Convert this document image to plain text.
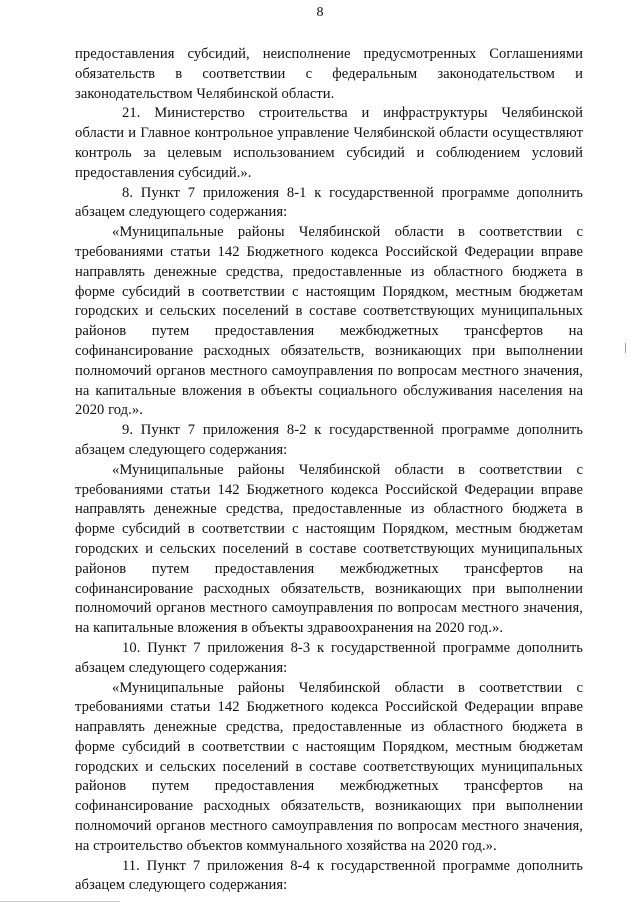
8

предоставления субсидий, неисполнение предусмотренных Соглашениями обязательств в соответствии с федеральным законодательством и законодательством Челябинской области.

21. Министерство строительства и инфраструктуры Челябинской области и Главное контрольное управление Челябинской области осуществляют контроль за целевым использованием субсидий и соблюдением условий предоставления субсидий.».

8. Пункт 7 приложения 8-1 к государственной программе дополнить абзацем следующего содержания:

«Муниципальные районы Челябинской области в соответствии с требованиями статьи 142 Бюджетного кодекса Российской Федерации вправе направлять денежные средства, предоставленные из областного бюджета в форме субсидий в соответствии с настоящим Порядком, местным бюджетам городских и сельских поселений в составе соответствующих муниципальных районов путем предоставления межбюджетных трансфертов на софинансирование расходных обязательств, возникающих при выполнении полномочий органов местного самоуправления по вопросам местного значения, на капитальные вложения в объекты социального обслуживания населения на 2020 год.».

9. Пункт 7 приложения 8-2 к государственной программе дополнить абзацем следующего содержания:

«Муниципальные районы Челябинской области в соответствии с требованиями статьи 142 Бюджетного кодекса Российской Федерации вправе направлять денежные средства, предоставленные из областного бюджета в форме субсидий в соответствии с настоящим Порядком, местным бюджетам городских и сельских поселений в составе соответствующих муниципальных районов путем предоставления межбюджетных трансфертов на софинансирование расходных обязательств, возникающих при выполнении полномочий органов местного самоуправления по вопросам местного значения, на капитальные вложения в объекты здравоохранения на 2020 год.».

10. Пункт 7 приложения 8-3 к государственной программе дополнить абзацем следующего содержания:

«Муниципальные районы Челябинской области в соответствии с требованиями статьи 142 Бюджетного кодекса Российской Федерации вправе направлять денежные средства, предоставленные из областного бюджета в форме субсидий в соответствии с настоящим Порядком, местным бюджетам городских и сельских поселений в составе соответствующих муниципальных районов путем предоставления межбюджетных трансфертов на софинансирование расходных обязательств, возникающих при выполнении полномочий органов местного самоуправления по вопросам местного значения, на строительство объектов коммунального хозяйства на 2020 год.».

11. Пункт 7 приложения 8-4 к государственной программе дополнить абзацем следующего содержания:
